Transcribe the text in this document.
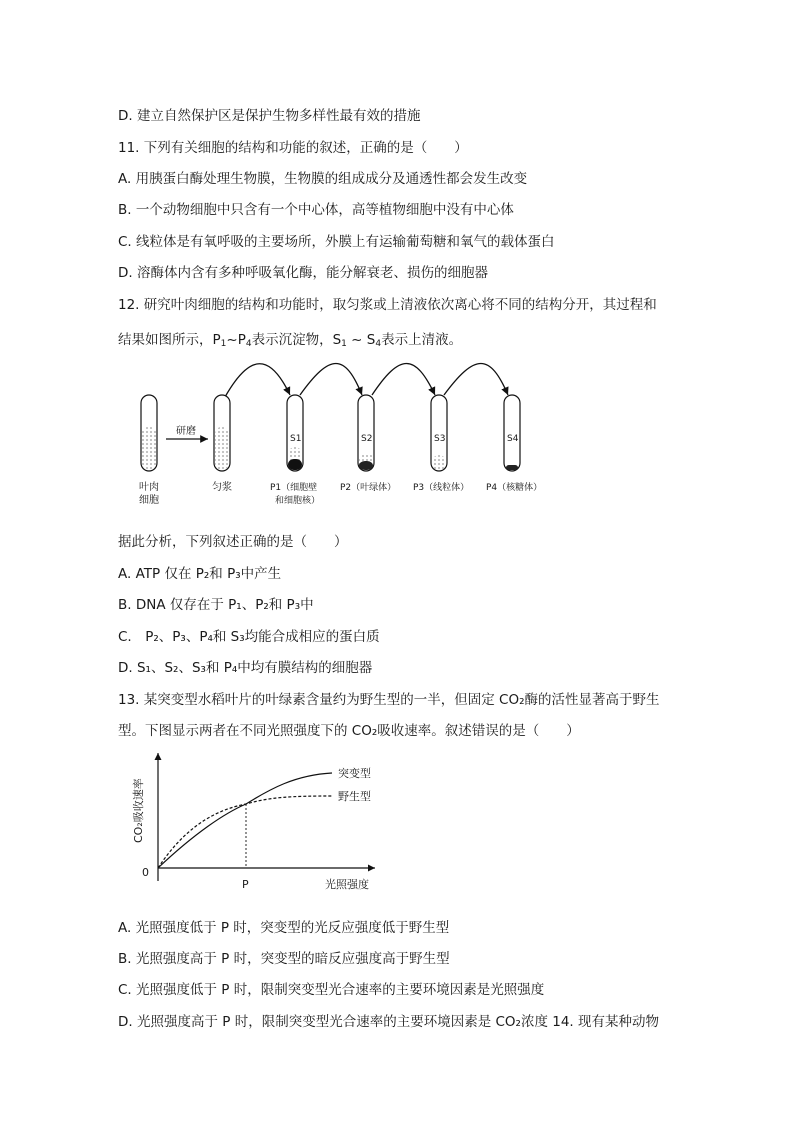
D. 建立自然保护区是保护生物多样性最有效的措施
11. 下列有关细胞的结构和功能的叙述，正确的是（　　）
A. 用胰蛋白酶处理生物膜，生物膜的组成成分及通透性都会发生改变
B. 一个动物细胞中只含有一个中心体，高等植物细胞中没有中心体
C. 线粒体是有氧呼吸的主要场所，外膜上有运输葡萄糖和氧气的载体蛋白
D. 溶酶体内含有多种呼吸氧化酶，能分解衰老、损伤的细胞器
12. 研究叶肉细胞的结构和功能时，取匀浆或上清液依次离心将不同的结构分开，其过程和
结果如图所示，$P_1\sim P_4$表示沉淀物，$S_1$ ~ $S_4$表示上清液。
研磨
叶肉
细胞
匀浆
S1
P1（细胞壁
和细胞核）
S2
P2（叶绿体）
S3
P3（线粒体）
S4
P4（核糖体）
据此分析，下列叙述正确的是（　　）
A. ATP 仅在 P₂和 P₃中产生
B. DNA 仅存在于 P₁、P₂和 P₃中
C.　P₂、P₃、P₄和 S₃均能合成相应的蛋白质
D. S₁、S₂、S₃和 P₄中均有膜结构的细胞器
13. 某突变型水稻叶片的叶绿素含量约为野生型的一半，但固定 CO₂酶的活性显著高于野生
型。下图显示两者在不同光照强度下的 CO₂吸收速率。叙述错误的是（　　）
CO₂吸收速率
光照强度
0
P
突变型
野生型
A. 光照强度低于 P 时，突变型的光反应强度低于野生型
B. 光照强度高于 P 时，突变型的暗反应强度高于野生型
C. 光照强度低于 P 时，限制突变型光合速率的主要环境因素是光照强度
D. 光照强度高于 P 时，限制突变型光合速率的主要环境因素是 CO₂浓度 14. 现有某种动物
